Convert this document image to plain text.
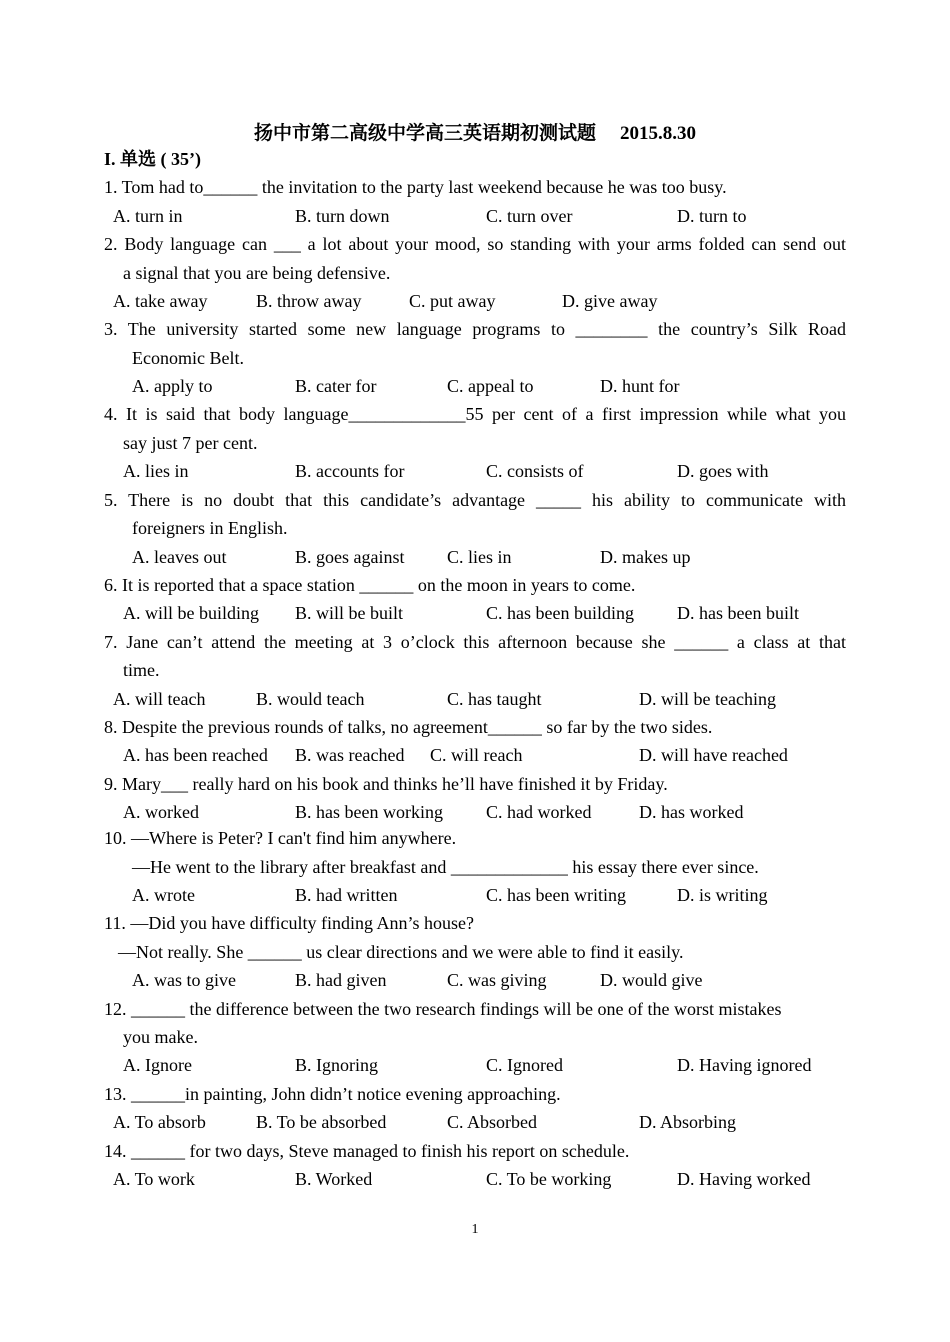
扬中市第二高级中学高三英语期初测试题 2015.8.30
I. 单选 ( 35’)
1. Tom had to______ the invitation to the party last weekend because he was too busy.
A. turn in	B. turn down	C. turn over	D. turn to
2. Body language can ___ a lot about your mood, so standing with your arms folded can send out
a signal that you are being defensive.
A. take away	B. throw away	C. put away	D. give away
3. The university started some new language programs to ________ the country’s Silk Road
Economic Belt.
A. apply to	B. cater for	C. appeal to	D. hunt for
4. It is said that body language_____________55 per cent of a first impression while what you
say just 7 per cent.
A. lies in	B. accounts for	C. consists of	D. goes with
5. There is no doubt that this candidate’s advantage _____ his ability to communicate with
foreigners in English.
A. leaves out	B. goes against C. lies in	D. makes up
6. It is reported that a space station ______ on the moon in years to come.
A. will be building B. will be built	C. has been building D. has been built
7. Jane can’t attend the meeting at 3 o’clock this afternoon because she ______ a class at that
time.
A. will teach	B. would teach	C. has taught	D. will be teaching
8. Despite the previous rounds of talks, no agreement______ so far by the two sides.
A. has been reached B. was reached C. will reach	D. will have reached
9. Mary___ really hard on his book and thinks he’ll have finished it by Friday.
A. worked	B. has been working C. had worked	D. has worked
10. —Where is Peter? I can't find him anywhere.
—He went to the library after breakfast and _____________ his essay there ever since.
A. wrote	B. had written	C. has been writing	D. is writing
11. —Did you have difficulty finding Ann’s house?
—Not really. She ______ us clear directions and we were able to find it easily.
A. was to give	B. had given	C. was giving	D. would give
12. ______ the difference between the two research findings will be one of the worst mistakes
you make.
A. Ignore	B. Ignoring	C. Ignored	D. Having ignored
13. ______in painting, John didn’t notice evening approaching.
A. To absorb	B. To be absorbed	C. Absorbed	D. Absorbing
14. ______ for two days, Steve managed to finish his report on schedule.
A. To work	B. Worked	C. To be working	D. Having worked
1
